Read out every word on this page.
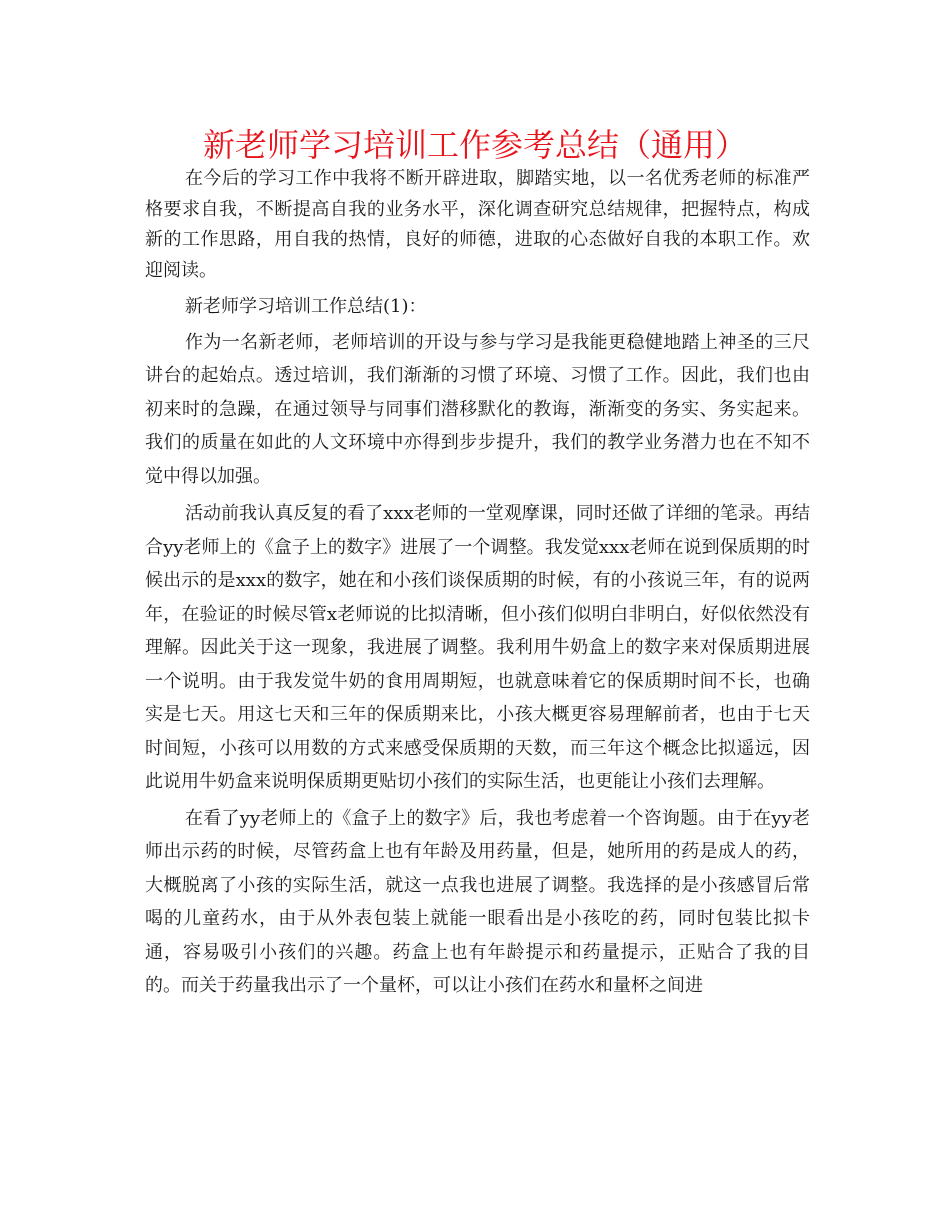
新老师学习培训工作参考总结（通用）

在今后的学习工作中我将不断开辟进取，脚踏实地，以一名优秀老师的标准严格要求自我，不断提高自我的业务水平，深化调查研究总结规律，把握特点，构成新的工作思路，用自我的热情，良好的师德，进取的心态做好自我的本职工作。欢迎阅读。

新老师学习培训工作总结(1)：

作为一名新老师，老师培训的开设与参与学习是我能更稳健地踏上神圣的三尺讲台的起始点。透过培训，我们渐渐的习惯了环境、习惯了工作。因此，我们也由初来时的急躁，在通过领导与同事们潜移默化的教诲，渐渐变的务实、务实起来。我们的质量在如此的人文环境中亦得到步步提升，我们的教学业务潜力也在不知不觉中得以加强。

活动前我认真反复的看了xxx老师的一堂观摩课，同时还做了详细的笔录。再结合yy老师上的《盒子上的数字》进展了一个调整。我发觉xxx老师在说到保质期的时候出示的是xxx的数字，她在和小孩们谈保质期的时候，有的小孩说三年，有的说两年，在验证的时候尽管x老师说的比拟清晰，但小孩们似明白非明白，好似依然没有理解。因此关于这一现象，我进展了调整。我利用牛奶盒上的数字来对保质期进展一个说明。由于我发觉牛奶的食用周期短，也就意味着它的保质期时间不长，也确实是七天。用这七天和三年的保质期来比，小孩大概更容易理解前者，也由于七天时间短，小孩可以用数的方式来感受保质期的天数，而三年这个概念比拟遥远，因此说用牛奶盒来说明保质期更贴切小孩们的实际生活，也更能让小孩们去理解。

在看了yy老师上的《盒子上的数字》后，我也考虑着一个咨询题。由于在yy老师出示药的时候，尽管药盒上也有年龄及用药量，但是，她所用的药是成人的药，大概脱离了小孩的实际生活，就这一点我也进展了调整。我选择的是小孩感冒后常喝的儿童药水，由于从外表包装上就能一眼看出是小孩吃的药，同时包装比拟卡通，容易吸引小孩们的兴趣。药盒上也有年龄提示和药量提示，正贴合了我的目的。而关于药量我出示了一个量杯，可以让小孩们在药水和量杯之间进
